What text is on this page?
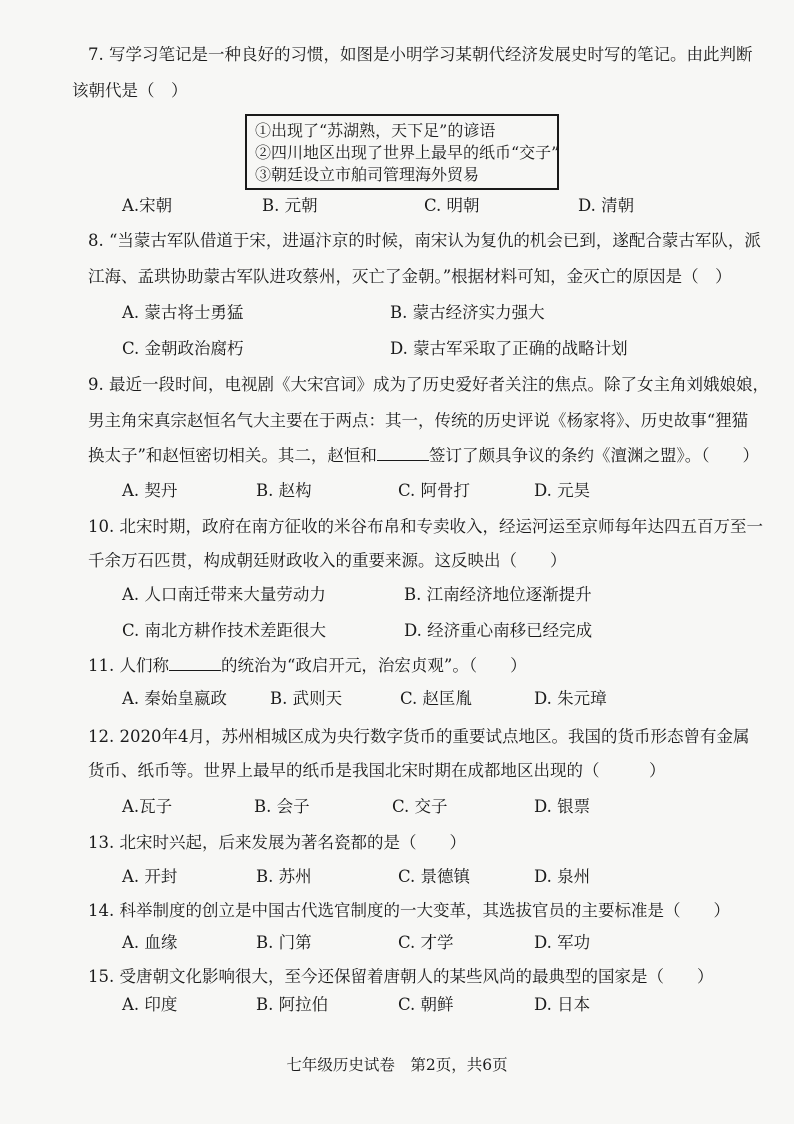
7. 写学习笔记是一种良好的习惯，如图是小明学习某朝代经济发展史时写的笔记。由此判断
该朝代是（　）
①出现了“苏湖熟，天下足”的谚语
②四川地区出现了世界上最早的纸币“交子”
③朝廷设立市舶司管理海外贸易
A.宋朝	B. 元朝	C. 明朝	D. 清朝
8. “当蒙古军队借道于宋，进逼汴京的时候，南宋认为复仇的机会已到，遂配合蒙古军队，派
江海、孟珙协助蒙古军队进攻蔡州，灭亡了金朝。”根据材料可知，金灭亡的原因是（　）
A. 蒙古将士勇猛	B. 蒙古经济实力强大
C. 金朝政治腐朽	D. 蒙古军采取了正确的战略计划
9. 最近一段时间，电视剧《大宋宫词》成为了历史爱好者关注的焦点。除了女主角刘娥娘娘，
男主角宋真宗赵恒名气大主要在于两点：其一，传统的历史评说《杨家将》、历史故事“狸猫
换太子”和赵恒密切相关。其二，赵恒和	签订了颇具争议的条约《澶渊之盟》。（　　）
A. 契丹	B. 赵构	C. 阿骨打	D. 元昊
10. 北宋时期，政府在南方征收的米谷布帛和专卖收入，经运河运至京师每年达四五百万至一
千余万石匹贯，构成朝廷财政收入的重要来源。这反映出（　　）
A. 人口南迁带来大量劳动力	B. 江南经济地位逐渐提升
C. 南北方耕作技术差距很大	D. 经济重心南移已经完成
11. 人们称	的统治为“政启开元，治宏贞观”。（　　）
A. 秦始皇嬴政	B. 武则天	C. 赵匡胤	D. 朱元璋
12. 2020年4月，苏州相城区成为央行数字货币的重要试点地区。我国的货币形态曾有金属
货币、纸币等。世界上最早的纸币是我国北宋时期在成都地区出现的（　　　）
A.瓦子	B. 会子	C. 交子	D. 银票
13. 北宋时兴起，后来发展为著名瓷都的是（　　）
A. 开封	B. 苏州	C. 景德镇	D. 泉州
14. 科举制度的创立是中国古代选官制度的一大变革，其选拔官员的主要标准是（　　）
A. 血缘	B. 门第	C. 才学	D. 军功
15. 受唐朝文化影响很大，至今还保留着唐朝人的某些风尚的最典型的国家是（　　）
A. 印度	B. 阿拉伯	C. 朝鲜	D. 日本
七年级历史试卷　第2页，共6页
